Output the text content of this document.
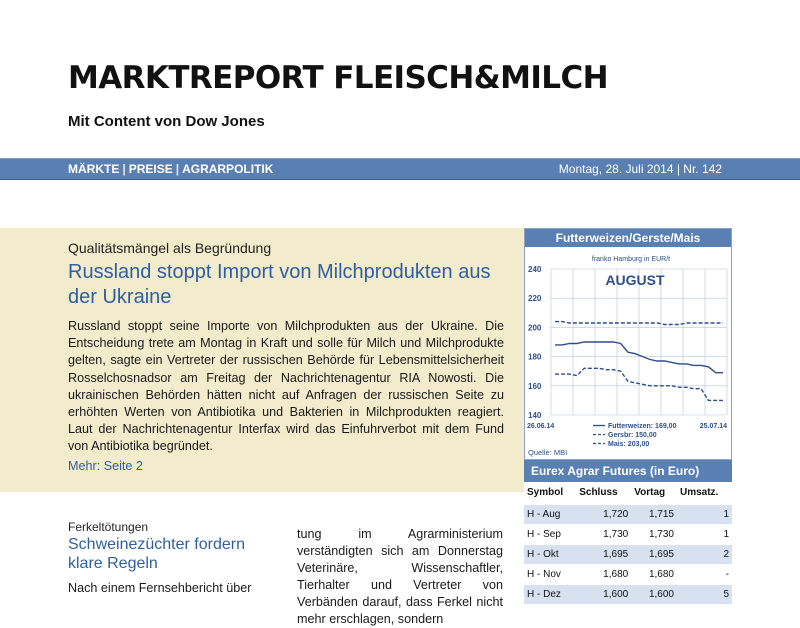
MARKTREPORT FLEISCH&MILCH
Mit Content von Dow Jones
MÄRKTE | PREISE | AGRARPOLITIK	Montag, 28. Juli 2014 | Nr. 142
Qualitätsmängel als Begründung
Russland stoppt Import von Milchprodukten aus der Ukraine
Russland stoppt seine Importe von Milchprodukten aus der Ukraine. Die Entscheidung trete am Montag in Kraft und solle für Milch und Milchprodukte gelten, sagte ein Vertreter der russischen Behörde für Lebensmittelsicherheit Rosselchosnadsor am Freitag der Nachrichtenagentur RIA Nowosti. Die ukrainischen Behörden hätten nicht auf Anfragen der russischen Seite zu erhöhten Werten von Antibiotika und Bakterien in Milchprodukten reagiert. Laut der Nachrichtenagentur Interfax wird das Einfuhrverbot mit dem Fund von Antibiotika begründet.
Mehr: Seite 2
Ferkeltötungen
Schweinezüchter fordern klare Regeln
Nach einem Fernsehbericht über
tung im Agrarministerium verständigten sich am Donnerstag Veterinäre, Wissenschaftler, Tierhalter und Vertreter von Verbänden darauf, dass Ferkel nicht mehr erschlagen, sondern
Futterweizen/Gerste/Mais
franko Hamburg in EUR/t
140
160
180
200
220
240
AUGUST
26.06.14	25.07.14
Futterweizen: 169,00
Gersbr: 150,00
Mais: 203,00
Quelle: MBI
Eurex Agrar Futures (in Euro)
Symbol	Schluss	Vortag	Umsatz.
H - Aug	1,720	1,715	1
H - Sep	1,730	1,730	1
H - Okt	1,695	1,695	2
H - Nov	1,680	1,680	-
H - Dez	1,600	1,600	5
